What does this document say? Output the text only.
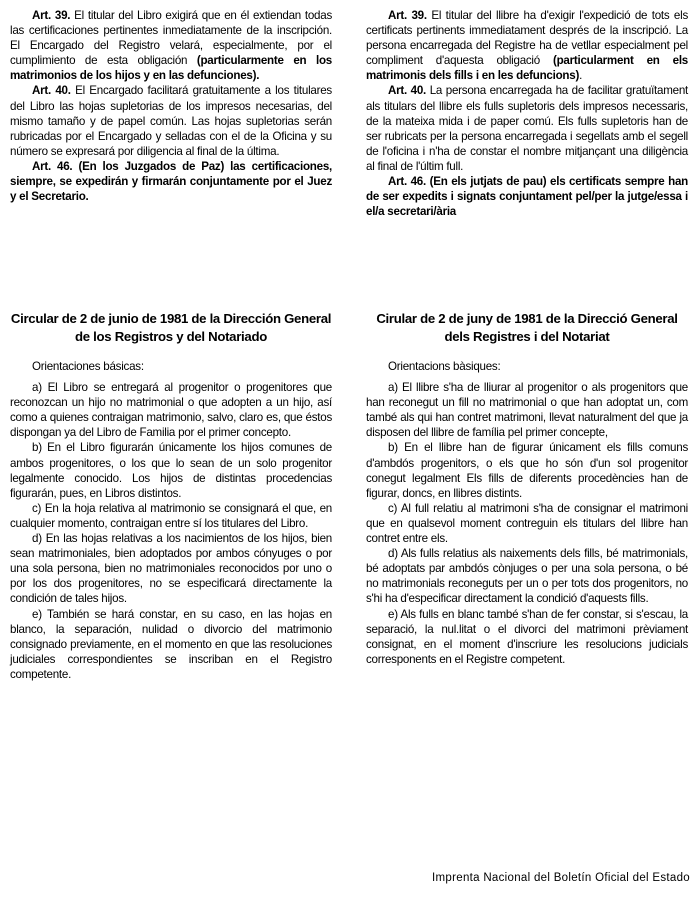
Art. 39. El titular del Libro exigirá que en él extiendan todas las certificaciones pertinentes inmediatamente de la inscripción. El Encargado del Registro velará, especialmente, por el cumplimiento de esta obligación (particularmente en los matrimonios de los hijos y en las defunciones).

Art. 40. El Encargado facilitará gratuitamente a los titulares del Libro las hojas supletorias de los impresos necesarias, del mismo tamaño y de papel común. Las hojas supletorias serán rubricadas por el Encargado y selladas con el de la Oficina y su número se expresará por diligencia al final de la última.

Art. 46. (En los Juzgados de Paz) las certificaciones, siempre, se expedirán y firmarán conjuntamente por el Juez y el Secretario.

Circular de 2 de junio de 1981 de la Dirección General de los Registros y del Notariado

Orientaciones básicas:

a) El Libro se entregará al progenitor o progenitores que reconozcan un hijo no matrimonial o que adopten a un hijo, así como a quienes contraigan matrimonio, salvo, claro es, que éstos dispongan ya del Libro de Familia por el primer concepto.

b) En el Libro figurarán únicamente los hijos comunes de ambos progenitores, o los que lo sean de un solo progenitor legalmente conocido. Los hijos de distintas procedencias figurarán, pues, en Libros distintos.

c) En la hoja relativa al matrimonio se consignará el que, en cualquier momento, contraigan entre sí los titulares del Libro.

d) En las hojas relativas a los nacimientos de los hijos, bien sean matrimoniales, bien adoptados por ambos cónyuges o por una sola persona, bien no matrimoniales reconocidos por uno o por los dos progenitores, no se especificará directamente la condición de tales hijos.

e) También se hará constar, en su caso, en las hojas en blanco, la separación, nulidad o divorcio del matrimonio consignado previamente, en el momento en que las resoluciones judiciales correspondientes se inscriban en el Registro competente.

Art. 39. El titular del llibre ha d'exigir l'expedició de tots els certificats pertinents immediatament després de la inscripció. La persona encarregada del Registre ha de vetllar especialment pel compliment d'aquesta obligació (particularment en els matrimonis dels fills i en les defuncions).

Art. 40. La persona encarregada ha de facilitar gratuïtament als titulars del llibre els fulls supletoris dels impresos necessaris, de la mateixa mida i de paper comú. Els fulls supletoris han de ser rubricats per la persona encarregada i segellats amb el segell de l'oficina i n'ha de constar el nombre mitjançant una diligència al final de l'últim full.

Art. 46. (En els jutjats de pau) els certificats sempre han de ser expedits i signats conjuntament pel/per la jutge/essa i el/a secretari/ària

Cirular de 2 de juny de 1981 de la Direcció General dels Registres i del Notariat

Orientacions bàsiques:

a) El llibre s'ha de lliurar al progenitor o als progenitors que han reconegut un fill no matrimonial o que han adoptat un, com també als qui han contret matrimoni, llevat naturalment del que ja disposen del llibre de família pel primer concepte,

b) En el llibre han de figurar únicament els fills comuns d'ambdós progenitors, o els que ho són d'un sol progenitor conegut legalment Els fills de diferents procedències han de figurar, doncs, en llibres distints.

c) Al full relatiu al matrimoni s'ha de consignar el matrimoni que en qualsevol moment contreguin els titulars del llibre han contret entre els.

d) Als fulls relatius als naixements dels fills, bé matrimonials, bé adoptats par ambdós cònjuges o per una sola persona, o bé no matrimonials reconeguts per un o per tots dos progenitors, no s'hi ha d'especificar directament la condició d'aquests fills.

e) Als fulls en blanc també s'han de fer constar, si s'escau, la separació, la nul.litat o el divorci del matrimoni prèviament consignat, en el moment d'inscriure les resolucions judicials corresponents en el Registre competent.

Imprenta Nacional del Boletín Oficial del Estado
